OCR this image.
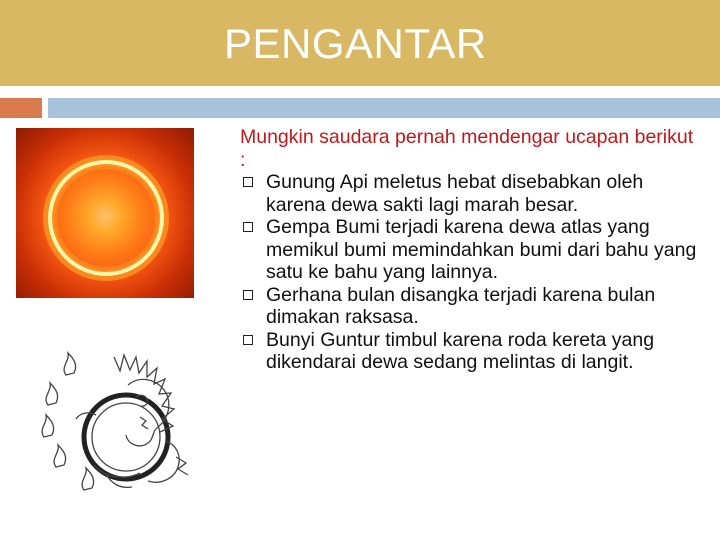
PENGANTAR

Mungkin saudara pernah mendengar ucapan berikut :

Gunung Api meletus hebat disebabkan oleh karena dewa sakti lagi marah besar.
Gempa Bumi terjadi karena dewa atlas yang memikul bumi memindahkan bumi dari bahu yang satu ke bahu yang lainnya.
Gerhana bulan disangka terjadi karena bulan dimakan raksasa.
Bunyi Guntur timbul karena roda kereta yang dikendarai dewa sedang melintas di langit.
